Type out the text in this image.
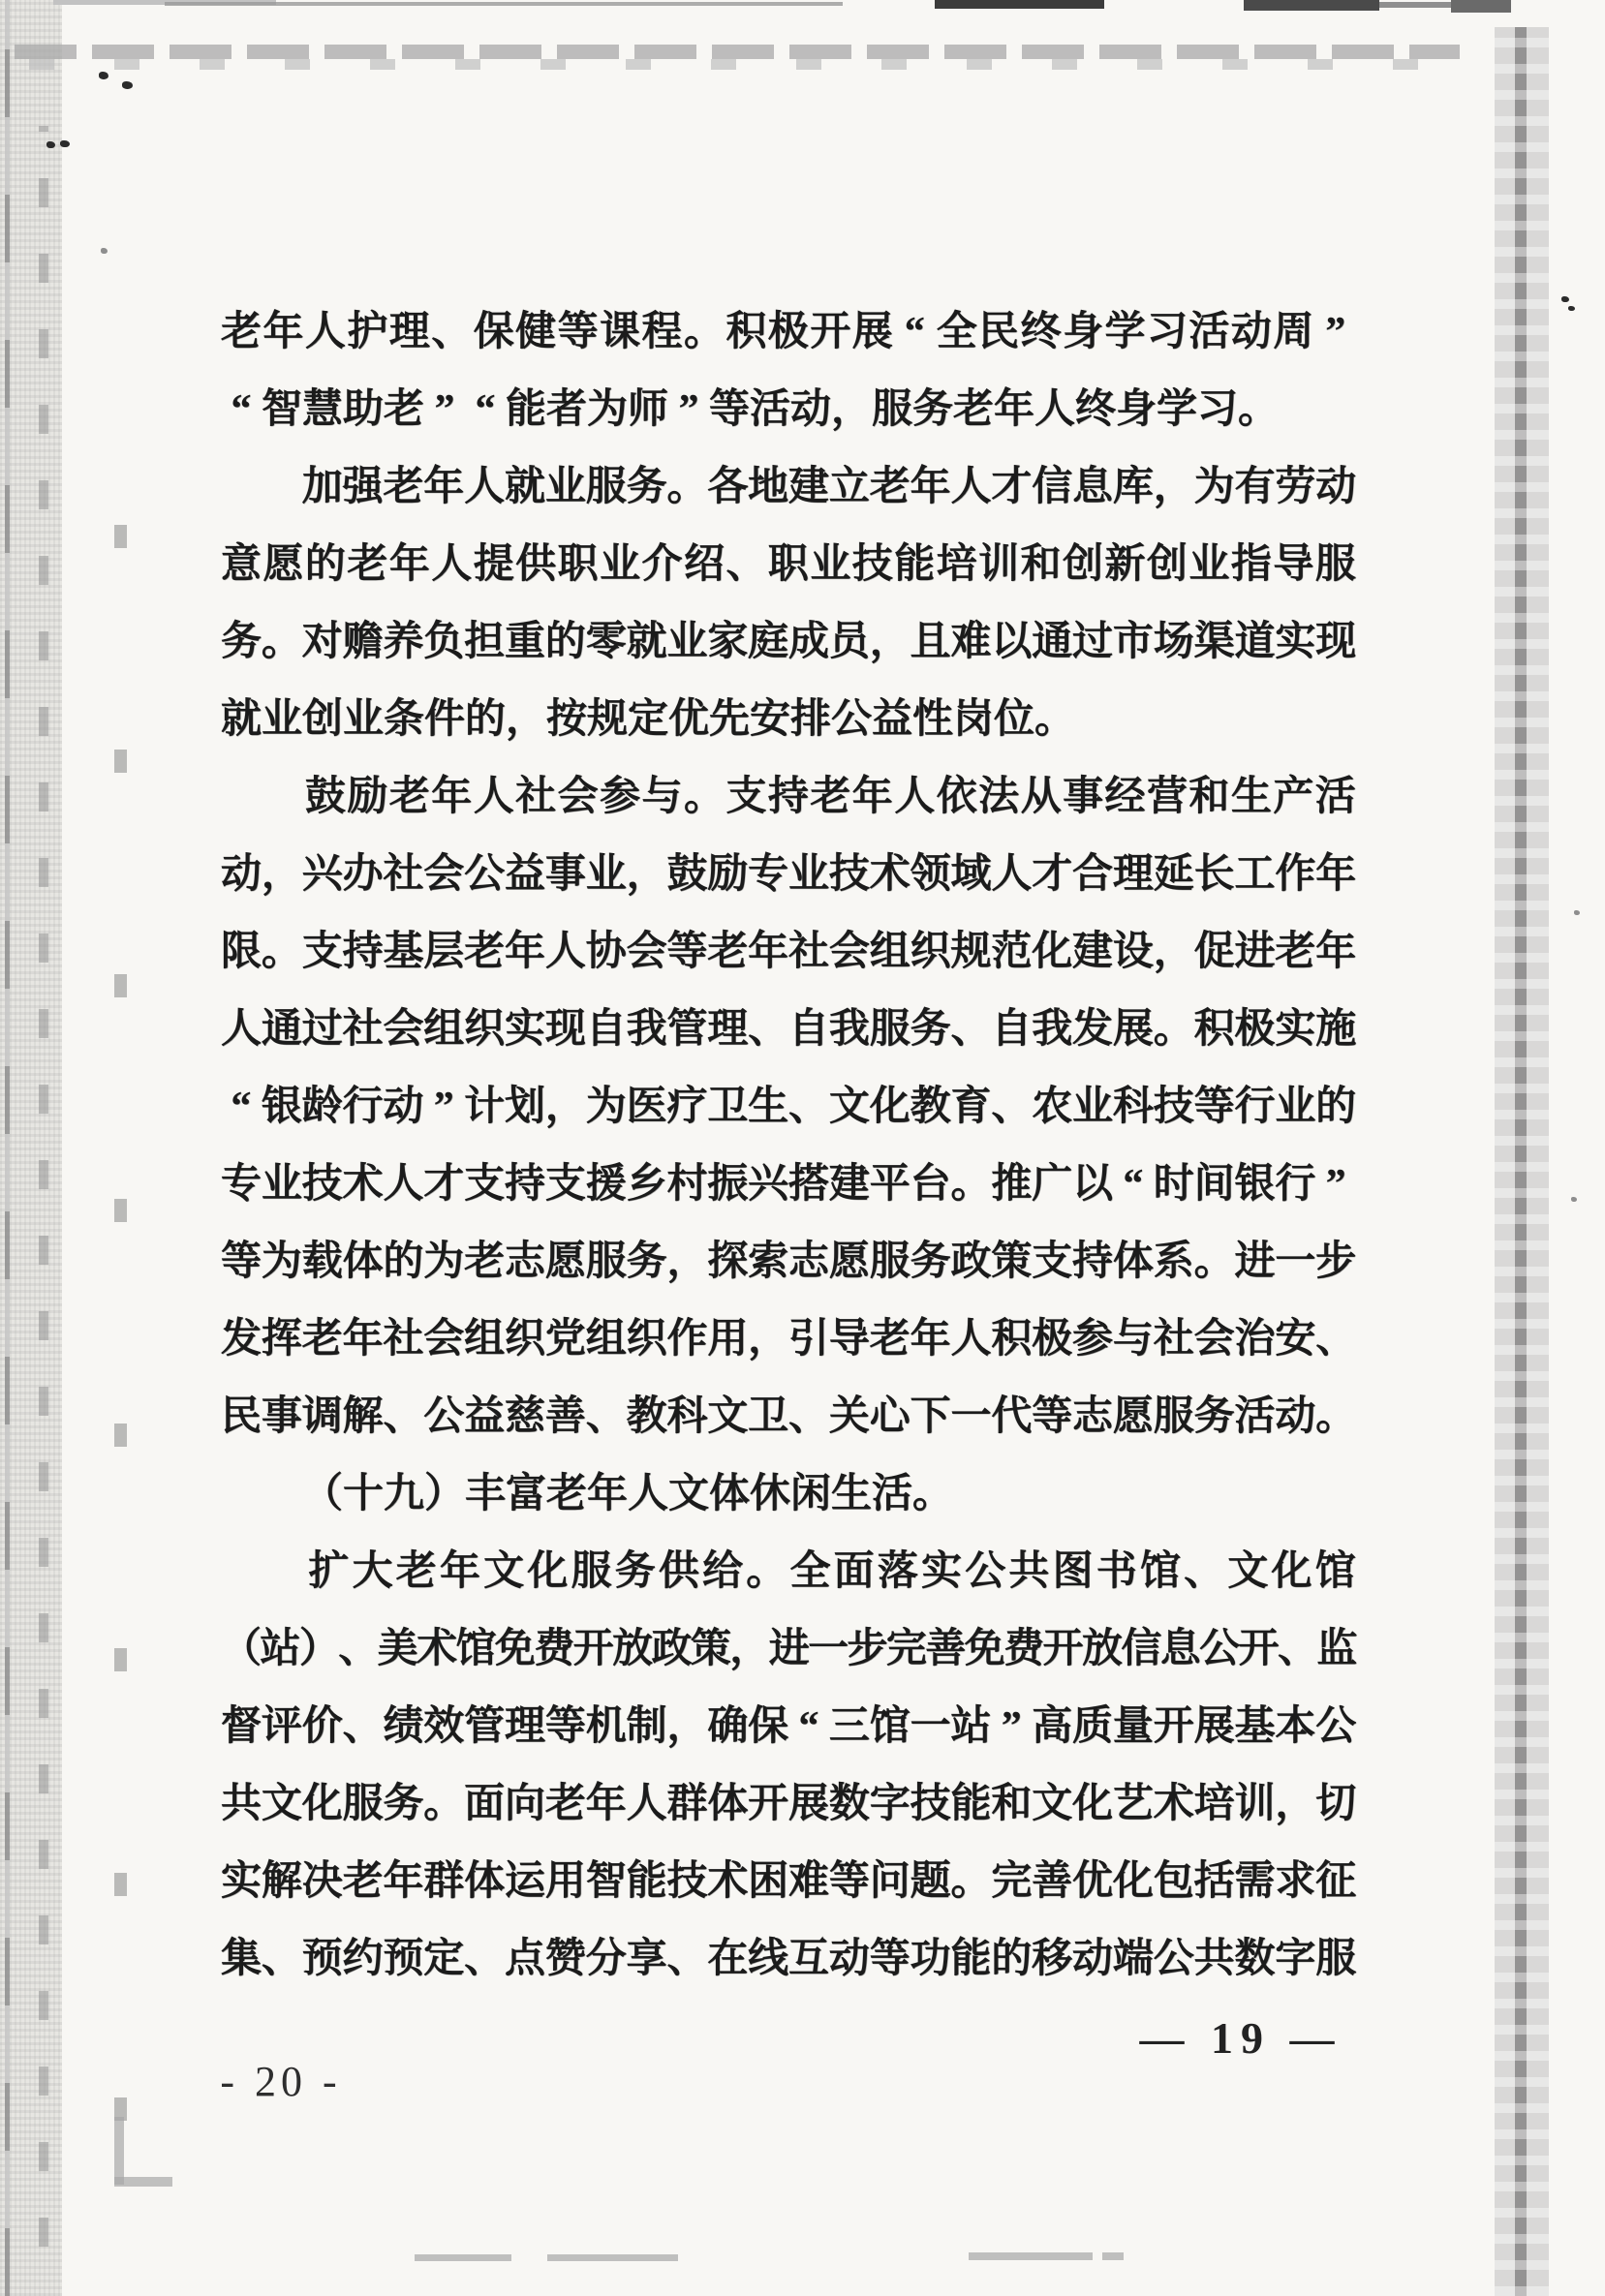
老 年 人 护 理 、 保 健 等 课 程 。 积 极 开 展 “ 全 民 终 身 学 习 活 动 周 ”
“ 智 慧 助 老 ” “ 能 者 为 师 ” 等 活 动 ， 服 务 老 年 人 终 身 学 习 。
加 强 老 年 人 就 业 服 务 。 各 地 建 立 老 年 人 才 信 息 库 ， 为 有 劳 动
意 愿 的 老 年 人 提 供 职 业 介 绍 、 职 业 技 能 培 训 和 创 新 创 业 指 导 服
务 。 对 赡 养 负 担 重 的 零 就 业 家 庭 成 员 ， 且 难 以 通 过 市 场 渠 道 实 现
就 业 创 业 条 件 的 ， 按 规 定 优 先 安 排 公 益 性 岗 位 。
鼓 励 老 年 人 社 会 参 与 。 支 持 老 年 人 依 法 从 事 经 营 和 生 产 活
动 ， 兴 办 社 会 公 益 事 业 ， 鼓 励 专 业 技 术 领 域 人 才 合 理 延 长 工 作 年
限 。 支 持 基 层 老 年 人 协 会 等 老 年 社 会 组 织 规 范 化 建 设 ， 促 进 老 年
人 通 过 社 会 组 织 实 现 自 我 管 理 、 自 我 服 务 、 自 我 发 展 。 积 极 实 施
“ 银 龄 行 动 ” 计 划 ， 为 医 疗 卫 生 、 文 化 教 育 、 农 业 科 技 等 行 业 的
专 业 技 术 人 才 支 持 支 援 乡 村 振 兴 搭 建 平 台 。 推 广 以 “ 时 间 银 行 ”
等 为 载 体 的 为 老 志 愿 服 务 ， 探 索 志 愿 服 务 政 策 支 持 体 系 。 进 一 步
发 挥 老 年 社 会 组 织 党 组 织 作 用 ， 引 导 老 年 人 积 极 参 与 社 会 治 安 、
民 事 调 解 、 公 益 慈 善 、 教 科 文 卫 、 关 心 下 一 代 等 志 愿 服 务 活 动 。
（ 十 九 ） 丰 富 老 年 人 文 体 休 闲 生 活 。
扩 大 老 年 文 化 服 务 供 给 。 全 面 落 实 公 共 图 书 馆 、 文 化 馆
（
站
）
、
美
术
馆
免
费
开
放
政
策
，
进
一
步
完
善
免
费
开
放
信
息
公
开
、
监
督 评 价 、 绩 效 管 理 等 机 制 ， 确 保 “ 三 馆 一 站 ” 高 质 量 开 展 基 本 公
共 文 化 服 务 。 面 向 老 年 人 群 体 开 展 数 字 技 能 和 文 化 艺 术 培 训 ， 切
实 解 决 老 年 群 体 运 用 智 能 技 术 困 难 等 问 题 。 完 善 优 化 包 括 需 求 征
集 、 预 约 预 定 、 点 赞 分 享 、 在 线 互 动 等 功 能 的 移 动 端 公 共 数 字 服
— 19 —
- 20 -
